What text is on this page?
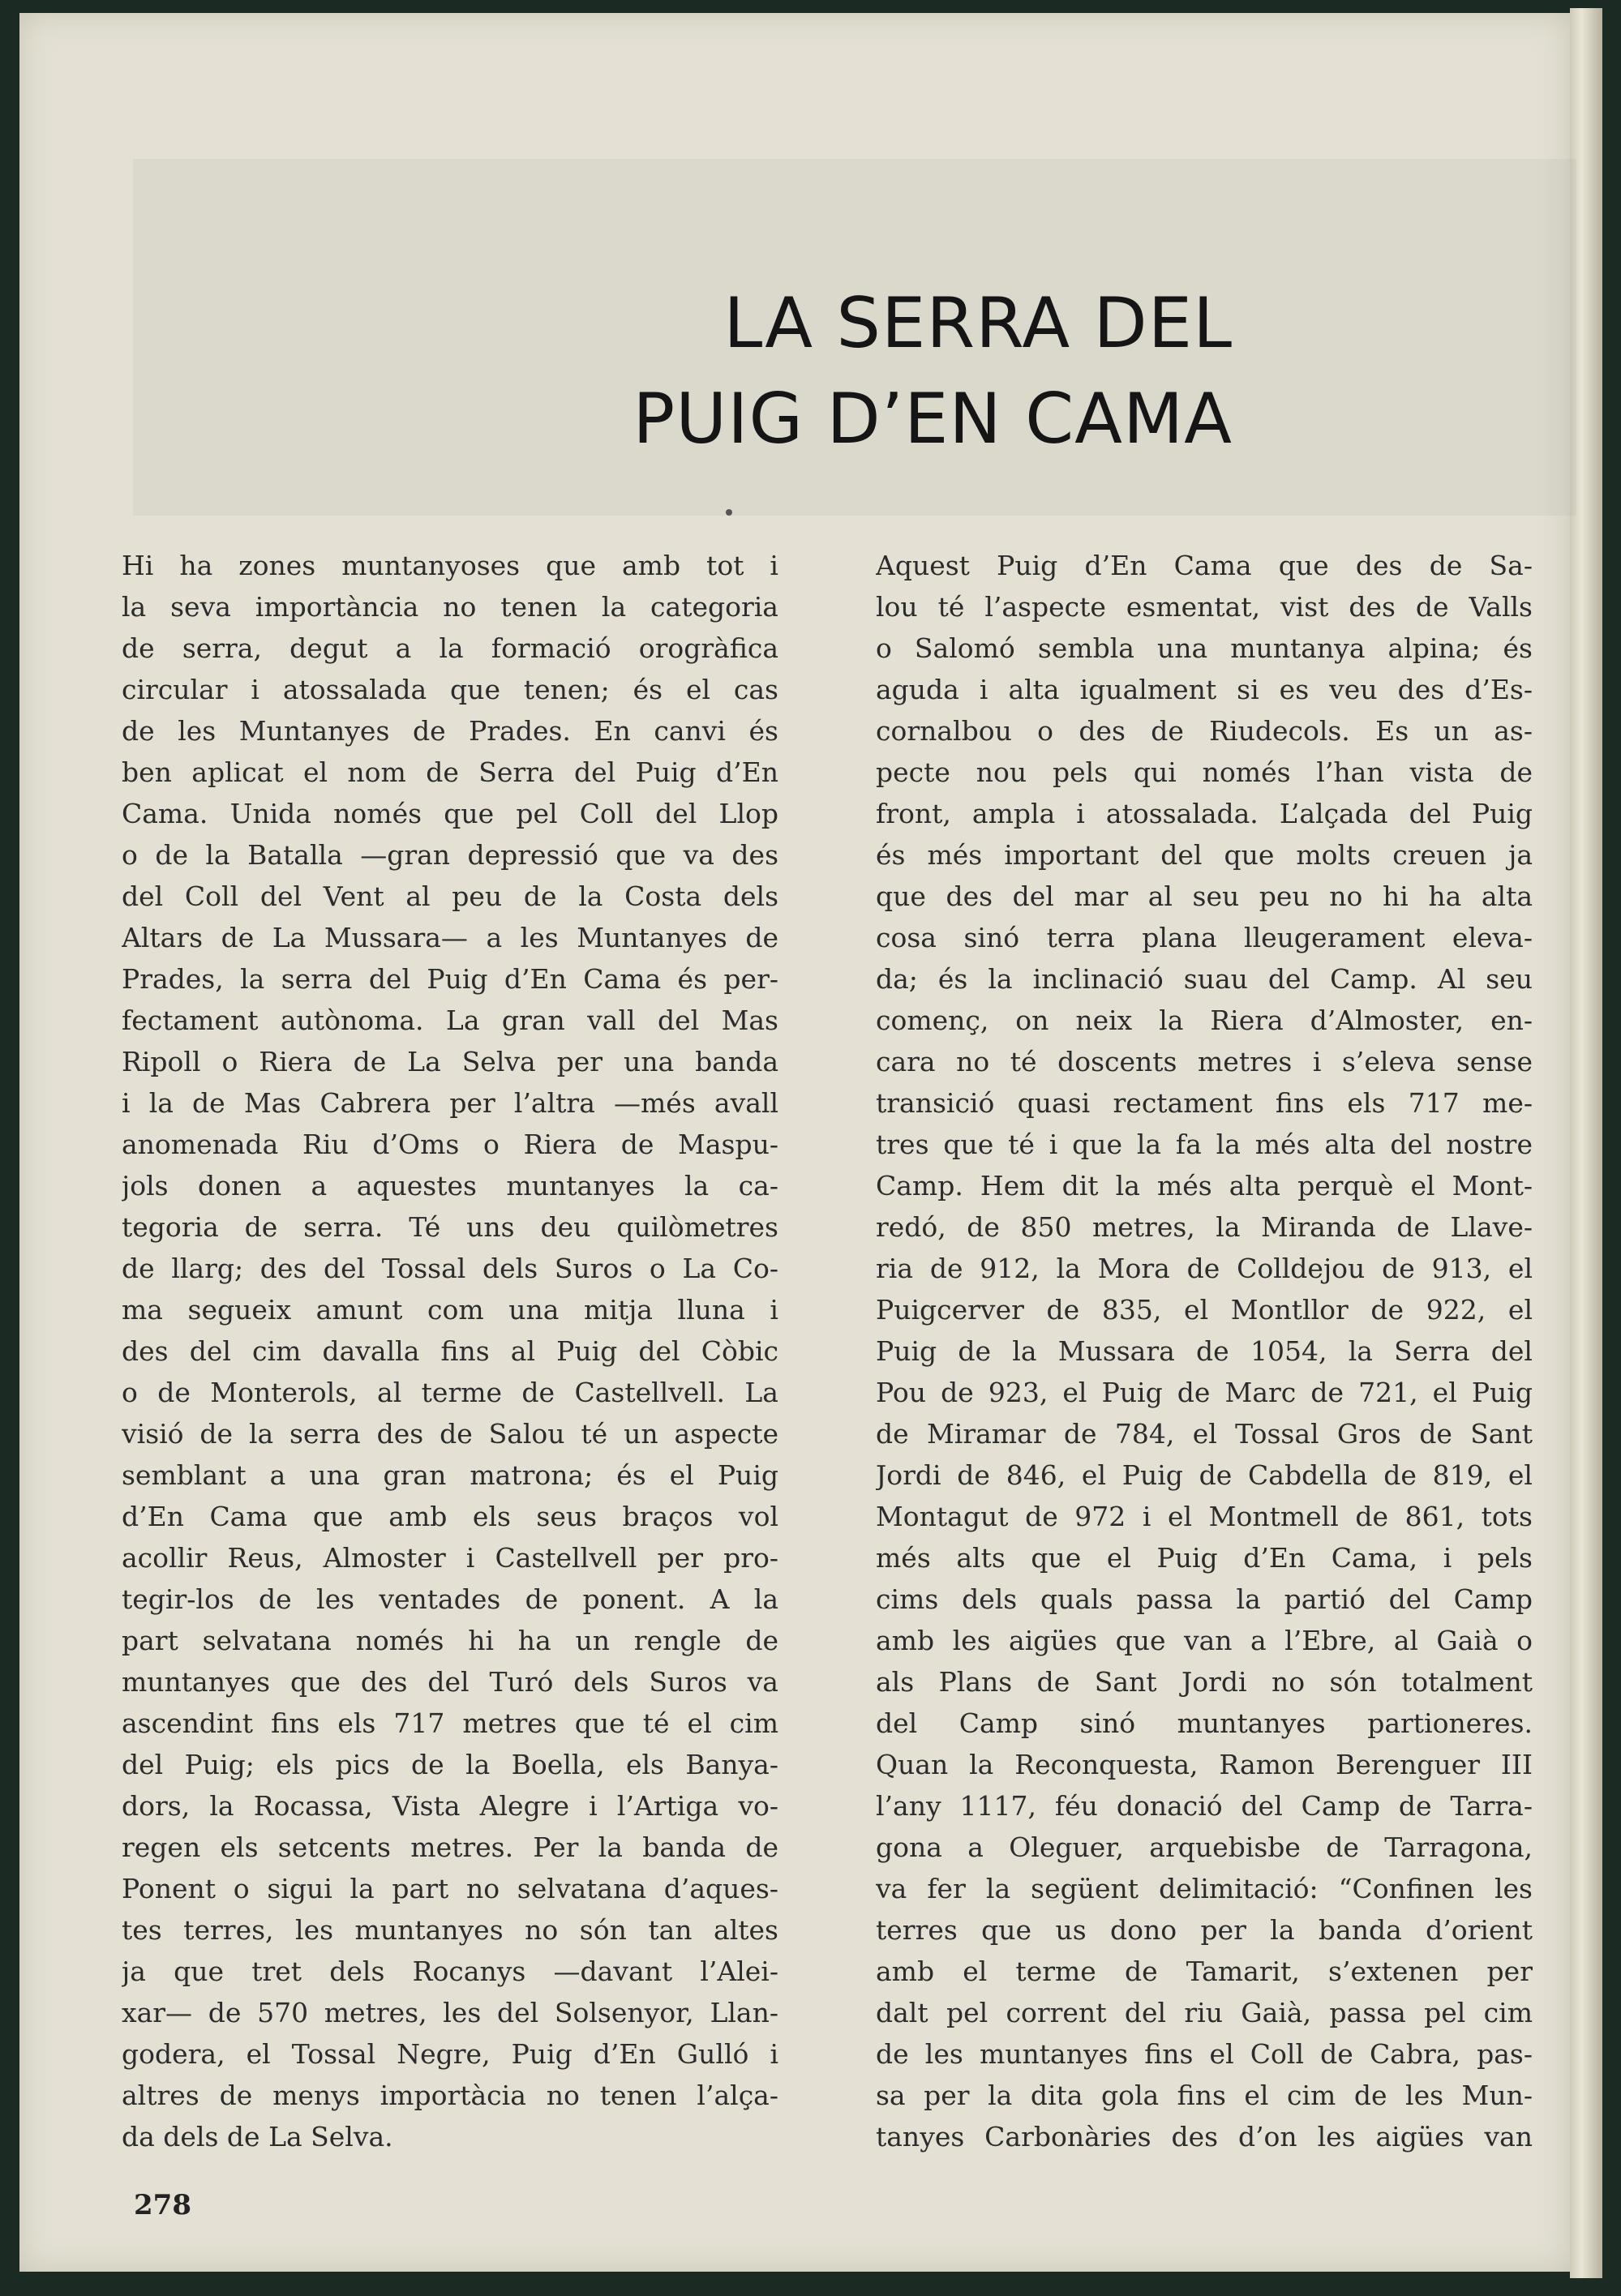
LA SERRA DEL
PUIG D’EN CAMA
Hi ha zones muntanyoses que amb tot i
la seva importància no tenen la categoria
de serra, degut a la formació orogràfica
circular i atossalada que tenen; és el cas
de les Muntanyes de Prades. En canvi és
ben aplicat el nom de Serra del Puig d’En
Cama. Unida només que pel Coll del Llop
o de la Batalla —gran depressió que va des
del Coll del Vent al peu de la Costa dels
Altars de La Mussara— a les Muntanyes de
Prades, la serra del Puig d’En Cama és per-
fectament autònoma. La gran vall del Mas
Ripoll o Riera de La Selva per una banda
i la de Mas Cabrera per l’altra —més avall
anomenada Riu d’Oms o Riera de Maspu-
jols donen a aquestes muntanyes la ca-
tegoria de serra. Té uns deu quilòmetres
de llarg; des del Tossal dels Suros o La Co-
ma segueix amunt com una mitja lluna i
des del cim davalla fins al Puig del Còbic
o de Monterols, al terme de Castellvell. La
visió de la serra des de Salou té un aspecte
semblant a una gran matrona; és el Puig
d’En Cama que amb els seus braços vol
acollir Reus, Almoster i Castellvell per pro-
tegir-los de les ventades de ponent. A la
part selvatana només hi ha un rengle de
muntanyes que des del Turó dels Suros va
ascendint fins els 717 metres que té el cim
del Puig; els pics de la Boella, els Banya-
dors, la Rocassa, Vista Alegre i l’Artiga vo-
regen els setcents metres. Per la banda de
Ponent o sigui la part no selvatana d’aques-
tes terres, les muntanyes no són tan altes
ja que tret dels Rocanys —davant l’Alei-
xar— de 570 metres, les del Solsenyor, Llan-
godera, el Tossal Negre, Puig d’En Gulló i
altres de menys importàcia no tenen l’alça-
da dels de La Selva.
Aquest Puig d’En Cama que des de Sa-
lou té l’aspecte esmentat, vist des de Valls
o Salomó sembla una muntanya alpina; és
aguda i alta igualment si es veu des d’Es-
cornalbou o des de Riudecols. Es un as-
pecte nou pels qui només l’han vista de
front, ampla i atossalada. L’alçada del Puig
és més important del que molts creuen ja
que des del mar al seu peu no hi ha alta
cosa sinó terra plana lleugerament eleva-
da; és la inclinació suau del Camp. Al seu
començ, on neix la Riera d’Almoster, en-
cara no té doscents metres i s’eleva sense
transició quasi rectament fins els 717 me-
tres que té i que la fa la més alta del nostre
Camp. Hem dit la més alta perquè el Mont-
redó, de 850 metres, la Miranda de Llave-
ria de 912, la Mora de Colldejou de 913, el
Puigcerver de 835, el Montllor de 922, el
Puig de la Mussara de 1054, la Serra del
Pou de 923, el Puig de Marc de 721, el Puig
de Miramar de 784, el Tossal Gros de Sant
Jordi de 846, el Puig de Cabdella de 819, el
Montagut de 972 i el Montmell de 861, tots
més alts que el Puig d’En Cama, i pels
cims dels quals passa la partió del Camp
amb les aigües que van a l’Ebre, al Gaià o
als Plans de Sant Jordi no són totalment
del Camp sinó muntanyes partioneres.
Quan la Reconquesta, Ramon Berenguer III
l’any 1117, féu donació del Camp de Tarra-
gona a Oleguer, arquebisbe de Tarragona,
va fer la següent delimitació: “Confinen les
terres que us dono per la banda d’orient
amb el terme de Tamarit, s’extenen per
dalt pel corrent del riu Gaià, passa pel cim
de les muntanyes fins el Coll de Cabra, pas-
sa per la dita gola fins el cim de les Mun-
tanyes Carbonàries des d’on les aigües van
278
